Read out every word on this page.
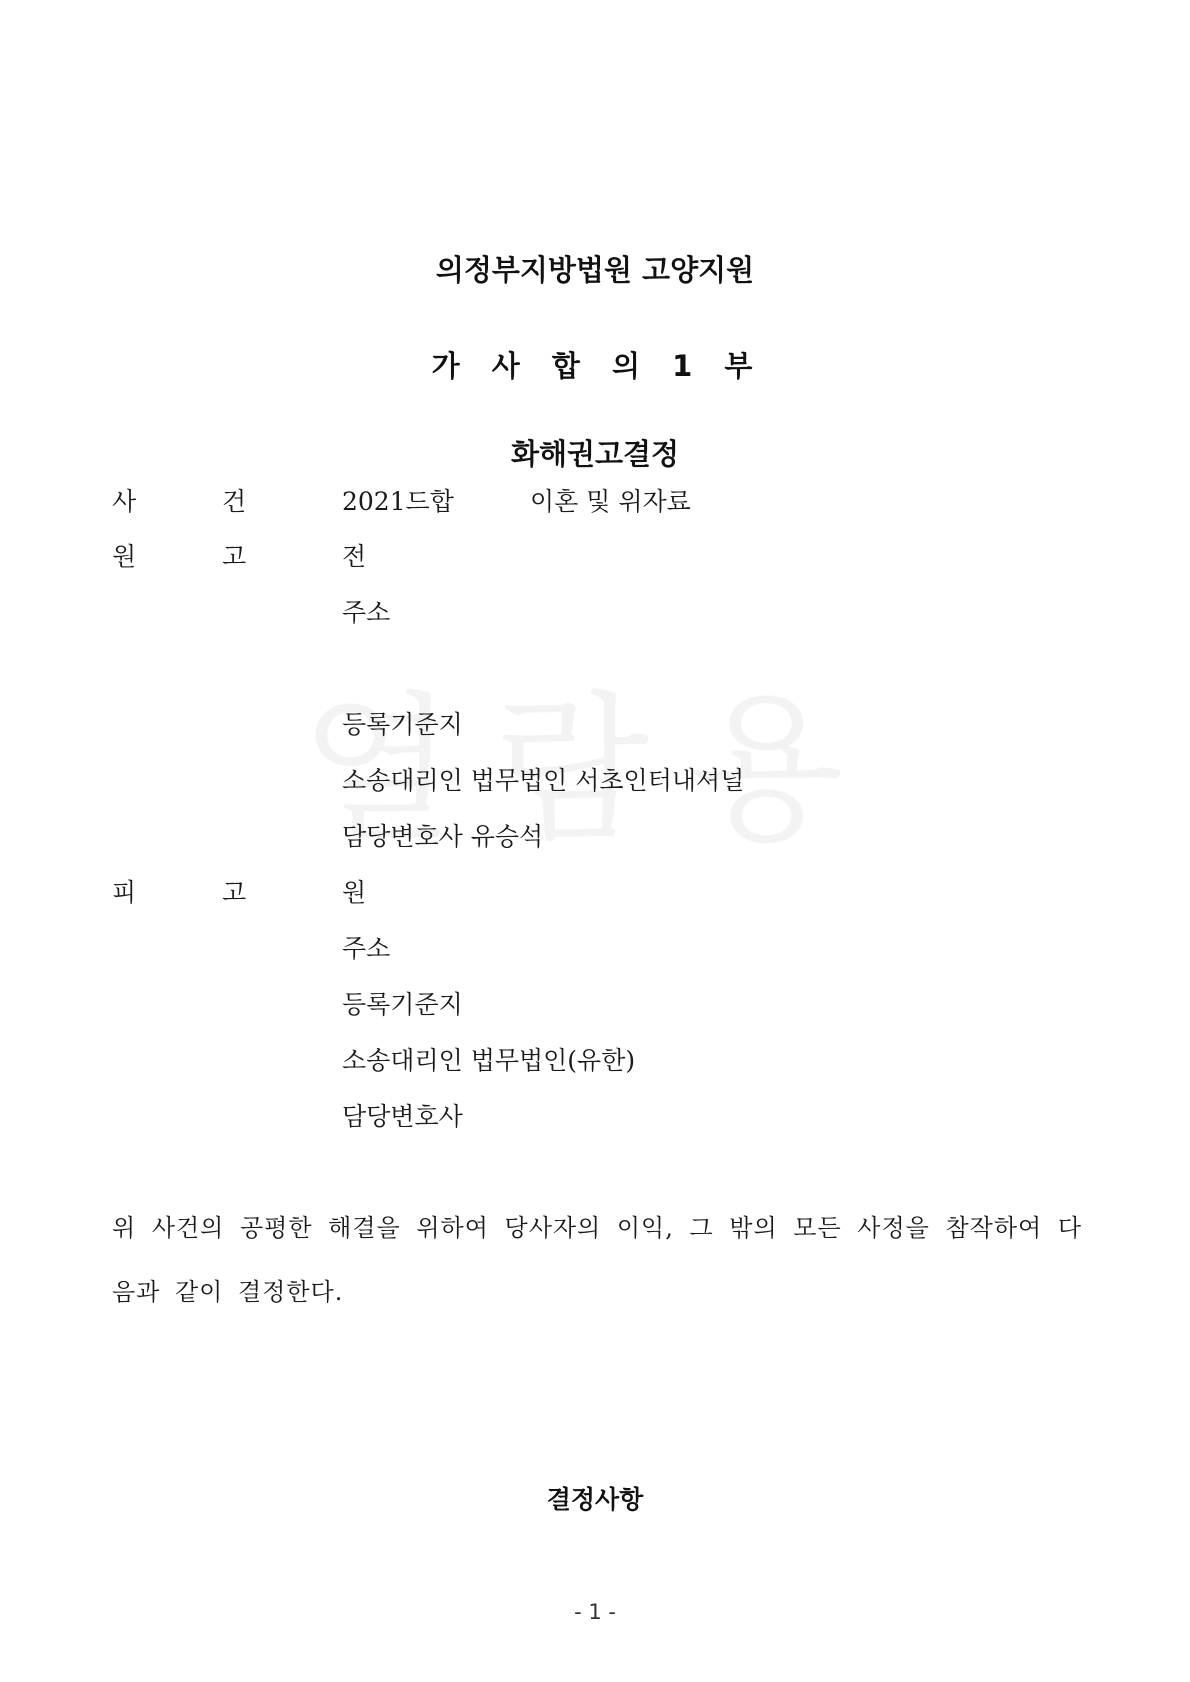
의정부지방법원 고양지원
가 사 합 의 1 부
화해권고결정
사	건	2021드합	이혼 및 위자료
원	고	전
주소
등록기준지
소송대리인 법무법인 서초인터내셔널
담당변호사 유승석
피	고	원
주소
등록기준지
소송대리인 법무법인(유한)
담당변호사
위 사건의 공평한 해결을 위하여 당사자의 이익, 그 밖의 모든 사정을 참작하여 다음과 같이 결정한다.
결정사항
- 1 -
